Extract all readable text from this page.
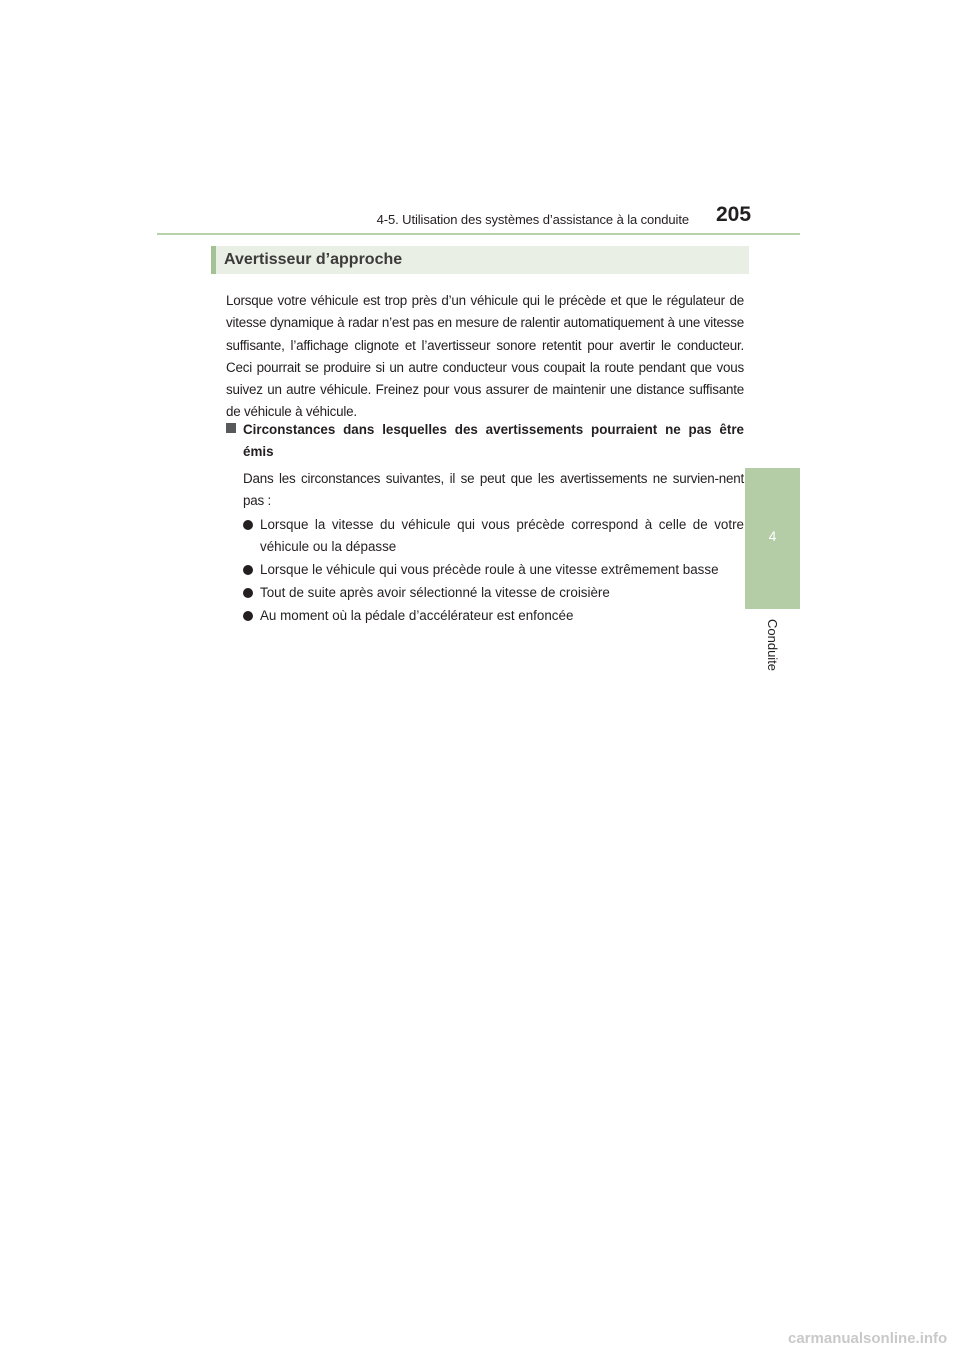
4-5. Utilisation des systèmes d’assistance à la conduite 205
4
Conduite
Avertisseur d’approche

Lorsque votre véhicule est trop près d’un véhicule qui le précède et que le régulateur de vitesse dynamique à radar n’est pas en mesure de ralentir automatiquement à une vitesse suffisante, l’affichage clignote et l’avertisseur sonore retentit pour avertir le conducteur. Ceci pourrait se produire si un autre conducteur vous coupait la route pendant que vous suivez un autre véhicule. Freinez pour vous assurer de maintenir une distance suffisante de véhicule à véhicule.

Circonstances dans lesquelles des avertissements pourraient ne pas être émis

Dans les circonstances suivantes, il se peut que les avertissements ne survien-nent pas :

Lorsque la vitesse du véhicule qui vous précède correspond à celle de votre véhicule ou la dépasse
Lorsque le véhicule qui vous précède roule à une vitesse extrêmement basse
Tout de suite après avoir sélectionné la vitesse de croisière
Au moment où la pédale d’accélérateur est enfoncée
carmanualsonline.info
